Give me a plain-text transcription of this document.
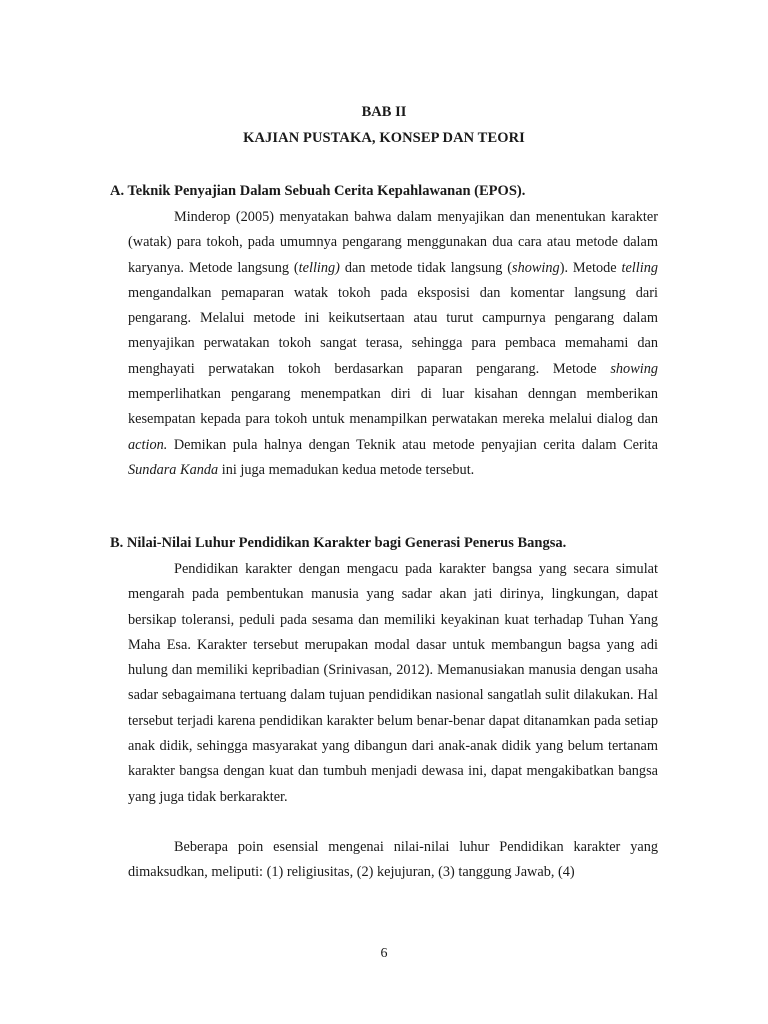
BAB II

KAJIAN PUSTAKA, KONSEP DAN TEORI

A. Teknik Penyajian Dalam Sebuah Cerita Kepahlawanan (EPOS).

Minderop (2005) menyatakan bahwa dalam menyajikan dan menentukan karakter (watak) para tokoh, pada umumnya pengarang menggunakan dua cara atau metode dalam karyanya. Metode langsung (telling) dan metode tidak langsung (showing). Metode telling mengandalkan pemaparan watak tokoh pada eksposisi dan komentar langsung dari pengarang. Melalui metode ini keikutsertaan atau turut campurnya pengarang dalam menyajikan perwatakan tokoh sangat terasa, sehingga para pembaca memahami dan menghayati perwatakan tokoh berdasarkan paparan pengarang. Metode showing memperlihatkan pengarang menempatkan diri di luar kisahan denngan memberikan kesempatan kepada para tokoh untuk menampilkan perwatakan mereka melalui dialog dan action. Demikan pula halnya dengan Teknik atau metode penyajian cerita dalam Cerita Sundara Kanda ini juga memadukan kedua metode tersebut.

B. Nilai-Nilai Luhur Pendidikan Karakter bagi Generasi Penerus Bangsa.

Pendidikan karakter dengan mengacu pada karakter bangsa yang secara simulat mengarah pada pembentukan manusia yang sadar akan jati dirinya, lingkungan, dapat bersikap toleransi, peduli pada sesama dan memiliki keyakinan kuat terhadap Tuhan Yang Maha Esa. Karakter tersebut merupakan modal dasar untuk membangun bagsa yang adi hulung dan memiliki kepribadian (Srinivasan, 2012). Memanusiakan manusia dengan usaha sadar sebagaimana tertuang dalam tujuan pendidikan nasional sangatlah sulit dilakukan. Hal tersebut terjadi karena pendidikan karakter belum benar-benar dapat ditanamkan pada setiap anak didik, sehingga masyarakat yang dibangun dari anak-anak didik yang belum tertanam karakter bangsa dengan kuat dan tumbuh menjadi dewasa ini, dapat mengakibatkan bangsa yang juga tidak berkarakter.

Beberapa poin esensial mengenai nilai-nilai luhur Pendidikan karakter yang dimaksudkan, meliputi: (1) religiusitas, (2) kejujuran, (3) tanggung Jawab, (4)

6
